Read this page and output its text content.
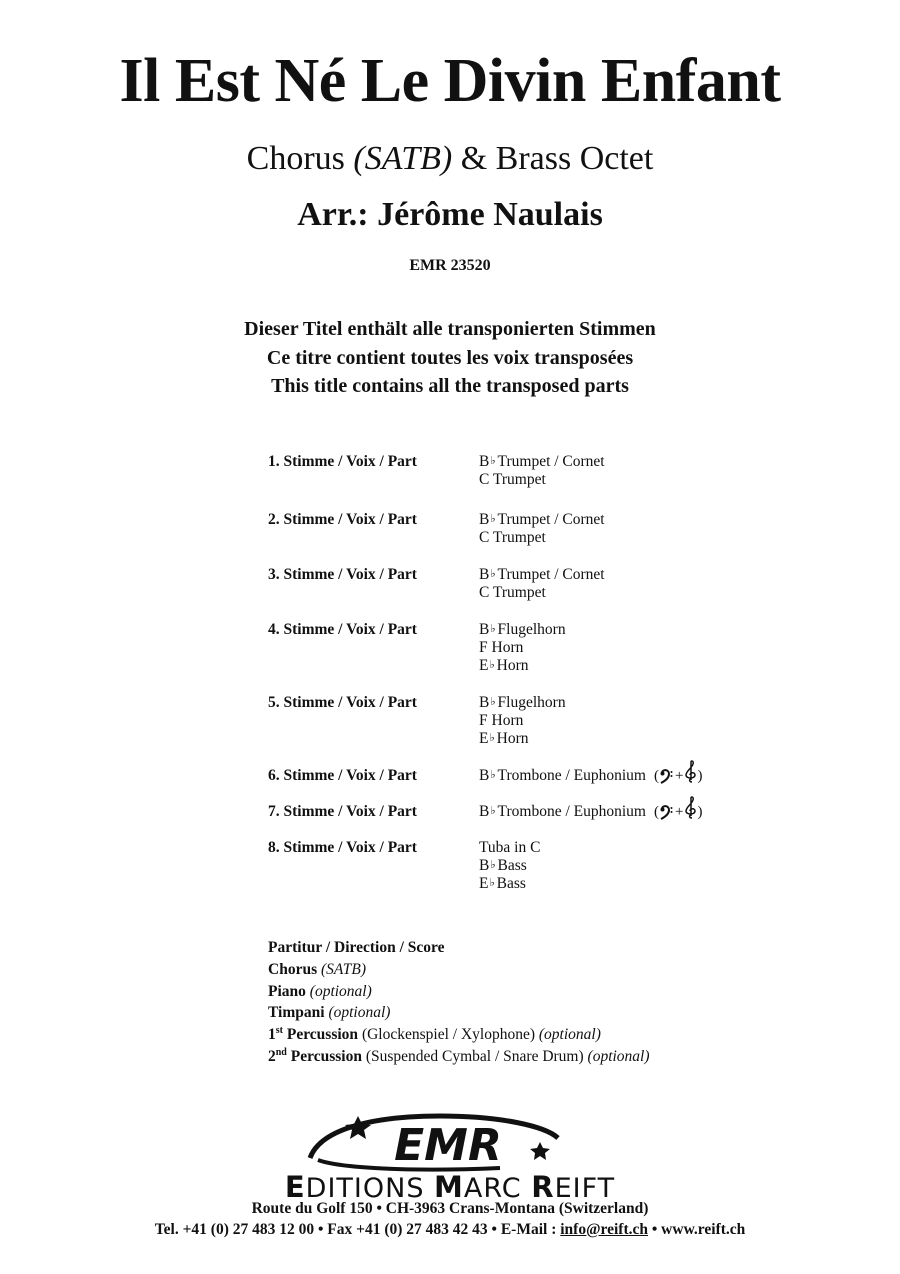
Il Est Né Le Divin Enfant
Chorus (SATB) & Brass Octet
Arr.: Jérôme Naulais
EMR 23520
Dieser Titel enthält alle transponierten Stimmen
Ce titre contient toutes les voix transposées
This title contains all the transposed parts
1. Stimme / Voix / Part	B ♭ Trumpet / Cornet
C Trumpet
2. Stimme / Voix / Part	B ♭ Trumpet / Cornet
C Trumpet
3. Stimme / Voix / Part	B ♭ Trumpet / Cornet
C Trumpet
4. Stimme / Voix / Part	B ♭ Flugelhorn
F Horn
E ♭ Horn
5. Stimme / Voix / Part	B ♭ Flugelhorn
F Horn
E ♭ Horn
6. Stimme / Voix / Part	B ♭ Trombone / Euphonium ( + )
7. Stimme / Voix / Part	B ♭ Trombone / Euphonium ( + )
8. Stimme / Voix / Part	Tuba in C
B ♭ Bass
E ♭ Bass
Partitur / Direction / Score
Chorus (SATB)
Piano (optional)
Timpani (optional)
1st Percussion (Glockenspiel / Xylophone) (optional)
2nd Percussion (Suspended Cymbal / Snare Drum) (optional)
EMR
EDITIONS MARC REIFT
Route du Golf 150 • CH-3963 Crans-Montana (Switzerland)
Tel. +41 (0) 27 483 12 00 • Fax +41 (0) 27 483 42 43 • E-Mail : info@reift.ch • www.reift.ch
